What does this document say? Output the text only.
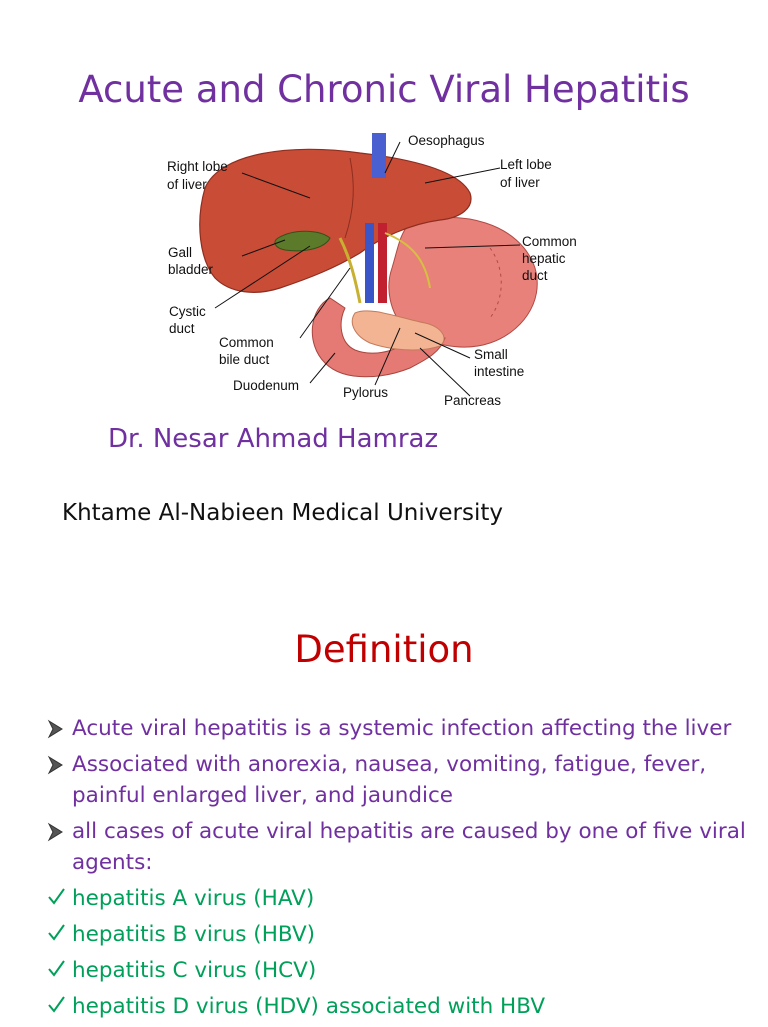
Acute and Chronic Viral Hepatitis
Oesophagus
Right lobe
of liver
Left lobe
of liver
Gall
bladder
Common
hepatic
duct
Cystic
duct
Common
bile duct	Small
intestine
Duodenum	Pylorus
Pancreas
Dr. Nesar Ahmad Hamraz
Khtame Al-Nabieen Medical University
Definition
Acute viral hepatitis is a systemic infection affecting the liver
Associated with anorexia, nausea, vomiting, fatigue, fever, painful enlarged liver, and jaundice
all cases of acute viral hepatitis are caused by one of five viral agents:
hepatitis A virus (HAV)
hepatitis B virus (HBV)
hepatitis C virus (HCV)
hepatitis D virus (HDV) associated with HBV
